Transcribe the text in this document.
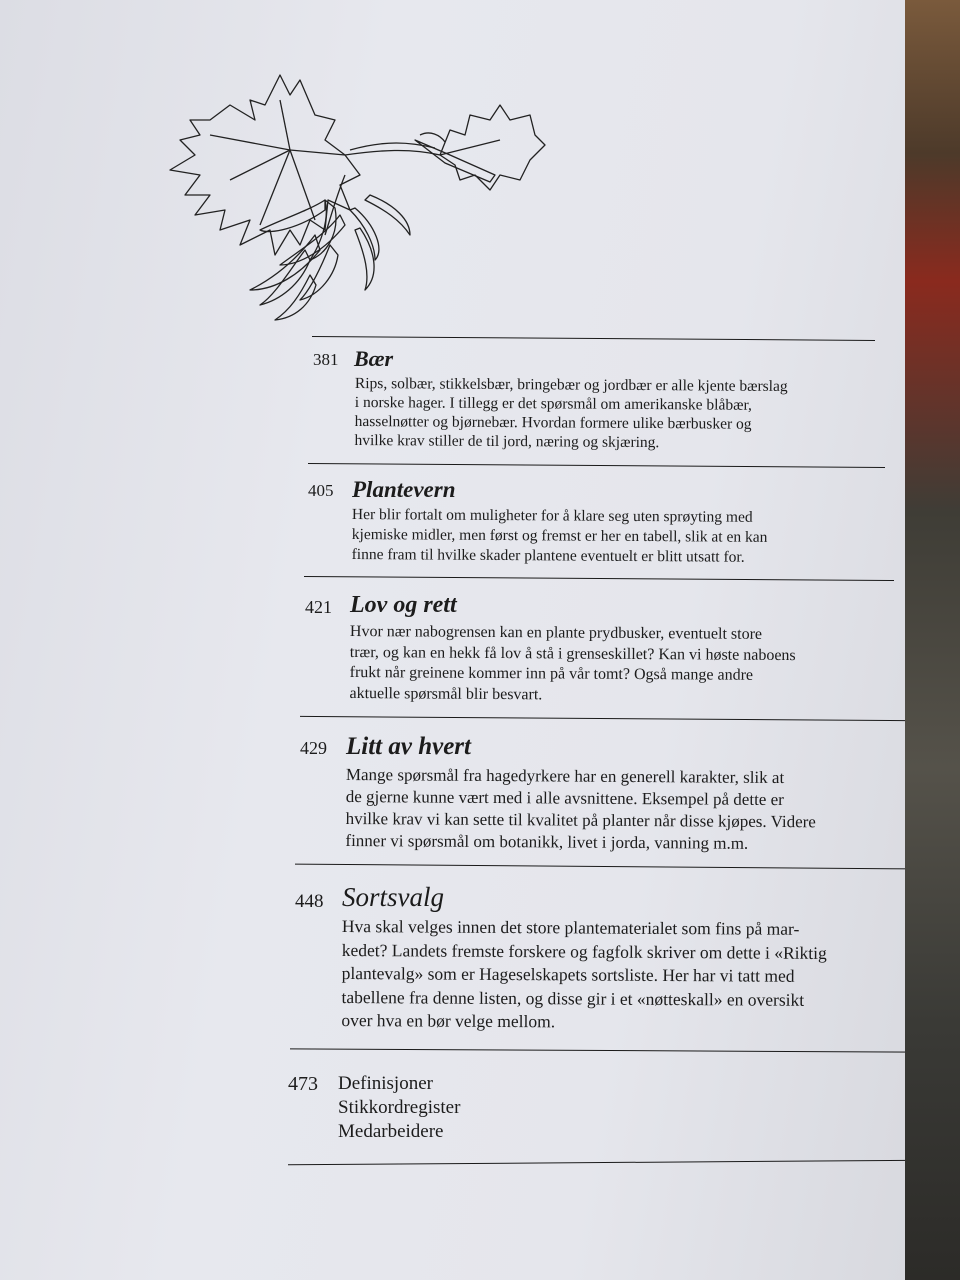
381 Bær
Rips, solbær, stikkelsbær, bringebær og jordbær er alle kjente bærslag
i norske hager. I tillegg er det spørsmål om amerikanske blåbær,
hasselnøtter og bjørnebær. Hvordan formere ulike bærbusker og
hvilke krav stiller de til jord, næring og skjæring.
405 Plantevern
Her blir fortalt om muligheter for å klare seg uten sprøyting med
kjemiske midler, men først og fremst er her en tabell, slik at en kan
finne fram til hvilke skader plantene eventuelt er blitt utsatt for.
421 Lov og rett
Hvor nær nabogrensen kan en plante prydbusker, eventuelt store
trær, og kan en hekk få lov å stå i grenseskillet? Kan vi høste naboens
frukt når greinene kommer inn på vår tomt? Også mange andre
aktuelle spørsmål blir besvart.
429 Litt av hvert
Mange spørsmål fra hagedyrkere har en generell karakter, slik at
de gjerne kunne vært med i alle avsnittene. Eksempel på dette er
hvilke krav vi kan sette til kvalitet på planter når disse kjøpes. Videre
finner vi spørsmål om botanikk, livet i jorda, vanning m.m.
448 Sortsvalg
Hva skal velges innen det store plantematerialet som fins på mar-
kedet? Landets fremste forskere og fagfolk skriver om dette i «Riktig
plantevalg» som er Hageselskapets sortsliste. Her har vi tatt med
tabellene fra denne listen, og disse gir i et «nøtteskall» en oversikt
over hva en bør velge mellom.
473 Definisjoner
Stikkordregister
Medarbeidere
